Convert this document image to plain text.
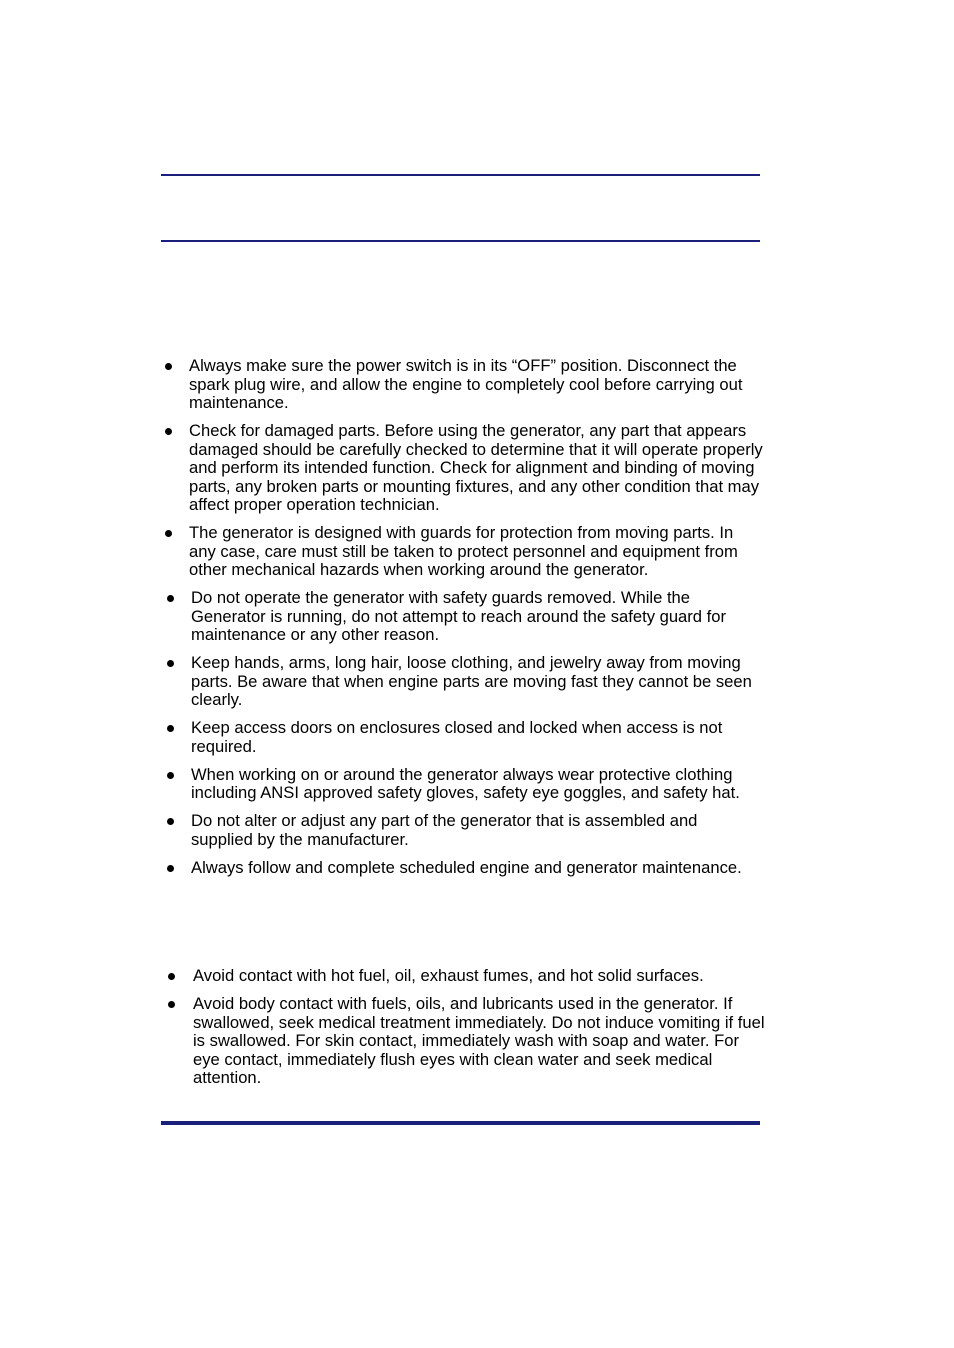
Always make sure the power switch is in its “OFF” position. Disconnect the spark plug wire, and allow the engine to completely cool before carrying out maintenance.
Check for damaged parts. Before using the generator, any part that appears damaged should be carefully checked to determine that it will operate properly and perform its intended function. Check for alignment and binding of moving parts, any broken parts or mounting fixtures, and any other condition that may affect proper operation technician.
The generator is designed with guards for protection from moving parts. In any case, care must still be taken to protect personnel and equipment from other mechanical hazards when working around the generator.
Do not operate the generator with safety guards removed. While the Generator is running, do not attempt to reach around the safety guard for maintenance or any other reason.
Keep hands, arms, long hair, loose clothing, and jewelry away from moving parts. Be aware that when engine parts are moving fast they cannot be seen clearly.
Keep access doors on enclosures closed and locked when access is not required.
When working on or around the generator always wear protective clothing including ANSI approved safety gloves, safety eye goggles, and safety hat.
Do not alter or adjust any part of the generator that is assembled and supplied by the manufacturer.
Always follow and complete scheduled engine and generator maintenance.
Avoid contact with hot fuel, oil, exhaust fumes, and hot solid surfaces.
Avoid body contact with fuels, oils, and lubricants used in the generator. If swallowed, seek medical treatment immediately. Do not induce vomiting if fuel is swallowed. For skin contact, immediately wash with soap and water. For eye contact, immediately flush eyes with clean water and seek medical attention.
